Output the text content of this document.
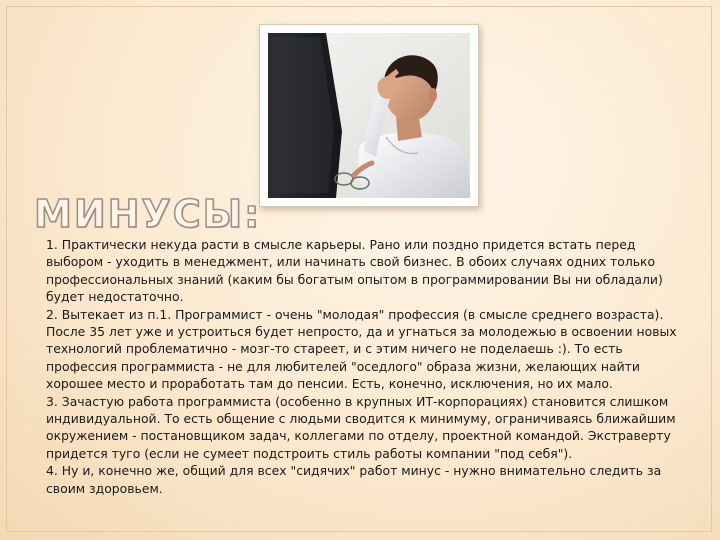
МИНУСЫ:

1. Практически некуда расти в смысле карьеры. Рано или поздно придется встать перед выбором - уходить в менеджмент, или начинать свой бизнес. В обоих случаях одних только профессиональных знаний (каким бы богатым опытом в программировании Вы ни обладали) будет недостаточно.

2. Вытекает из п.1. Программист - очень "молодая" профессия (в смысле среднего возраста). После 35 лет уже и устроиться будет непросто, да и угнаться за молодежью в освоении новых технологий проблематично - мозг-то стареет, и с этим ничего не поделаешь :). То есть профессия программиста - не для любителей "оседлого" образа жизни, желающих найти хорошее место и проработать там до пенсии. Есть, конечно, исключения, но их мало.

3. Зачастую работа программиста (особенно в крупных ИТ-корпорациях) становится слишком индивидуальной. То есть общение с людьми сводится к минимуму, ограничиваясь ближайшим окружением - постановщиком задач, коллегами по отделу, проектной командой. Экстраверту придется туго (если не сумеет подстроить стиль работы компании "под себя").

4. Ну и, конечно же, общий для всех "сидячих" работ минус - нужно внимательно следить за своим здоровьем.
